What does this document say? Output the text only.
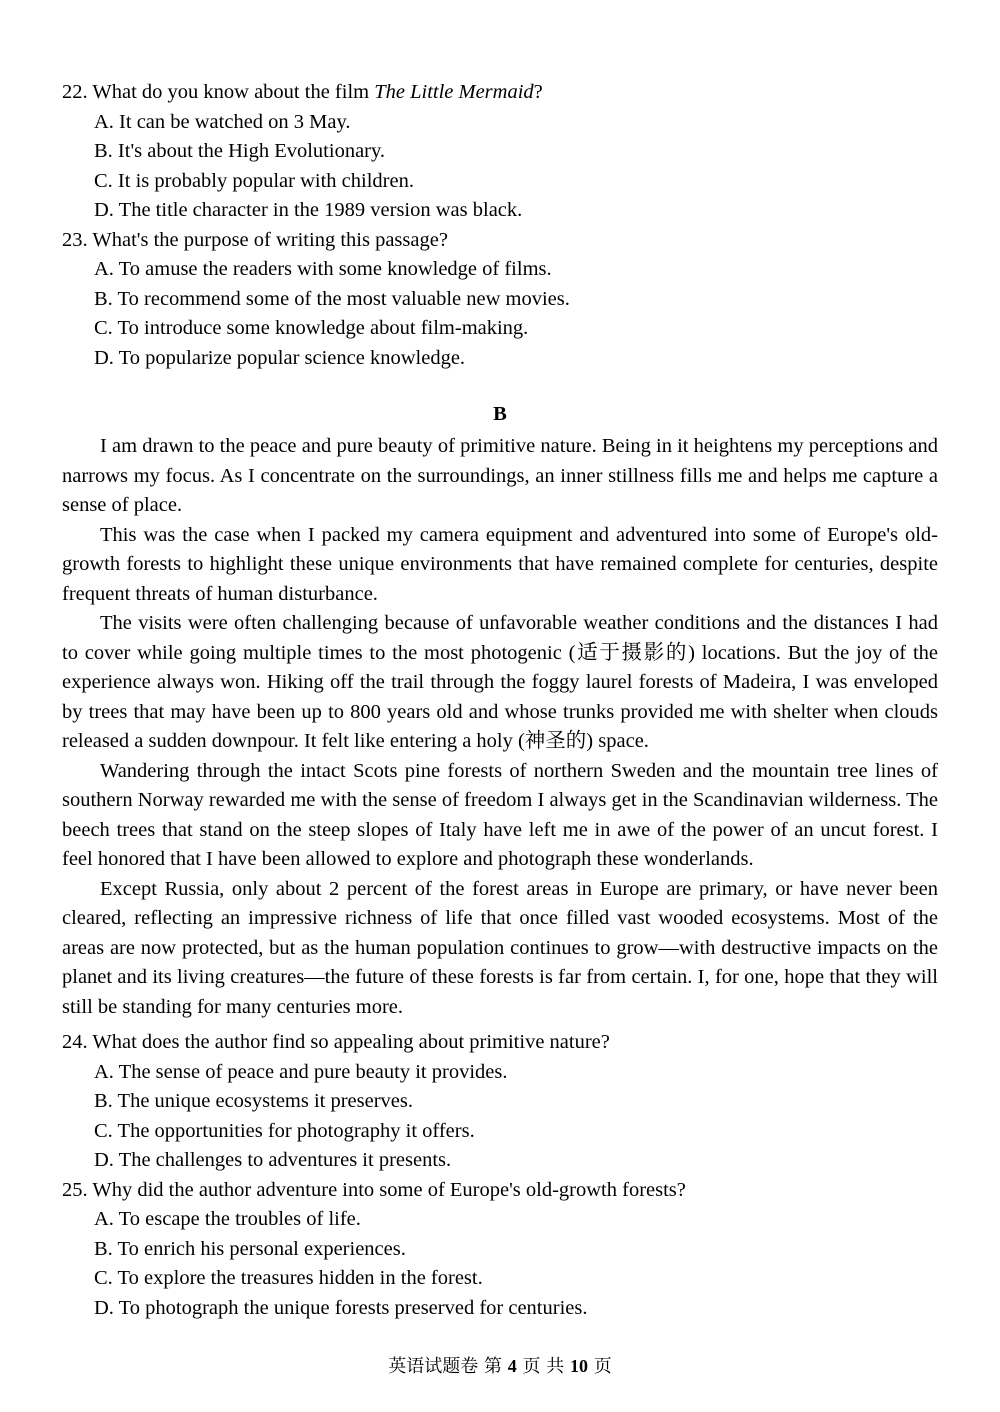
22. What do you know about the film The Little Mermaid?
A. It can be watched on 3 May.
B. It's about the High Evolutionary.
C. It is probably popular with children.
D. The title character in the 1989 version was black.
23. What's the purpose of writing this passage?
A. To amuse the readers with some knowledge of films.
B. To recommend some of the most valuable new movies.
C. To introduce some knowledge about film-making.
D. To popularize popular science knowledge.
B

I am drawn to the peace and pure beauty of primitive nature. Being in it heightens my perceptions and narrows my focus. As I concentrate on the surroundings, an inner stillness fills me and helps me capture a sense of place.

This was the case when I packed my camera equipment and adventured into some of Europe's old-growth forests to highlight these unique environments that have remained complete for centuries, despite frequent threats of human disturbance.

The visits were often challenging because of unfavorable weather conditions and the distances I had to cover while going multiple times to the most photogenic (适于摄影的) locations. But the joy of the experience always won. Hiking off the trail through the foggy laurel forests of Madeira, I was enveloped by trees that may have been up to 800 years old and whose trunks provided me with shelter when clouds released a sudden downpour. It felt like entering a holy (神圣的) space.

Wandering through the intact Scots pine forests of northern Sweden and the mountain tree lines of southern Norway rewarded me with the sense of freedom I always get in the Scandinavian wilderness. The beech trees that stand on the steep slopes of Italy have left me in awe of the power of an uncut forest. I feel honored that I have been allowed to explore and photograph these wonderlands.

Except Russia, only about 2 percent of the forest areas in Europe are primary, or have never been cleared, reflecting an impressive richness of life that once filled vast wooded ecosystems. Most of the areas are now protected, but as the human population continues to grow—with destructive impacts on the planet and its living creatures—the future of these forests is far from certain. I, for one, hope that they will still be standing for many centuries more.

24. What does the author find so appealing about primitive nature?
A. The sense of peace and pure beauty it provides.
B. The unique ecosystems it preserves.
C. The opportunities for photography it offers.
D. The challenges to adventures it presents.
25. Why did the author adventure into some of Europe's old-growth forests?
A. To escape the troubles of life.
B. To enrich his personal experiences.
C. To explore the treasures hidden in the forest.
D. To photograph the unique forests preserved for centuries.
英语试题卷 第 4 页 共 10 页
